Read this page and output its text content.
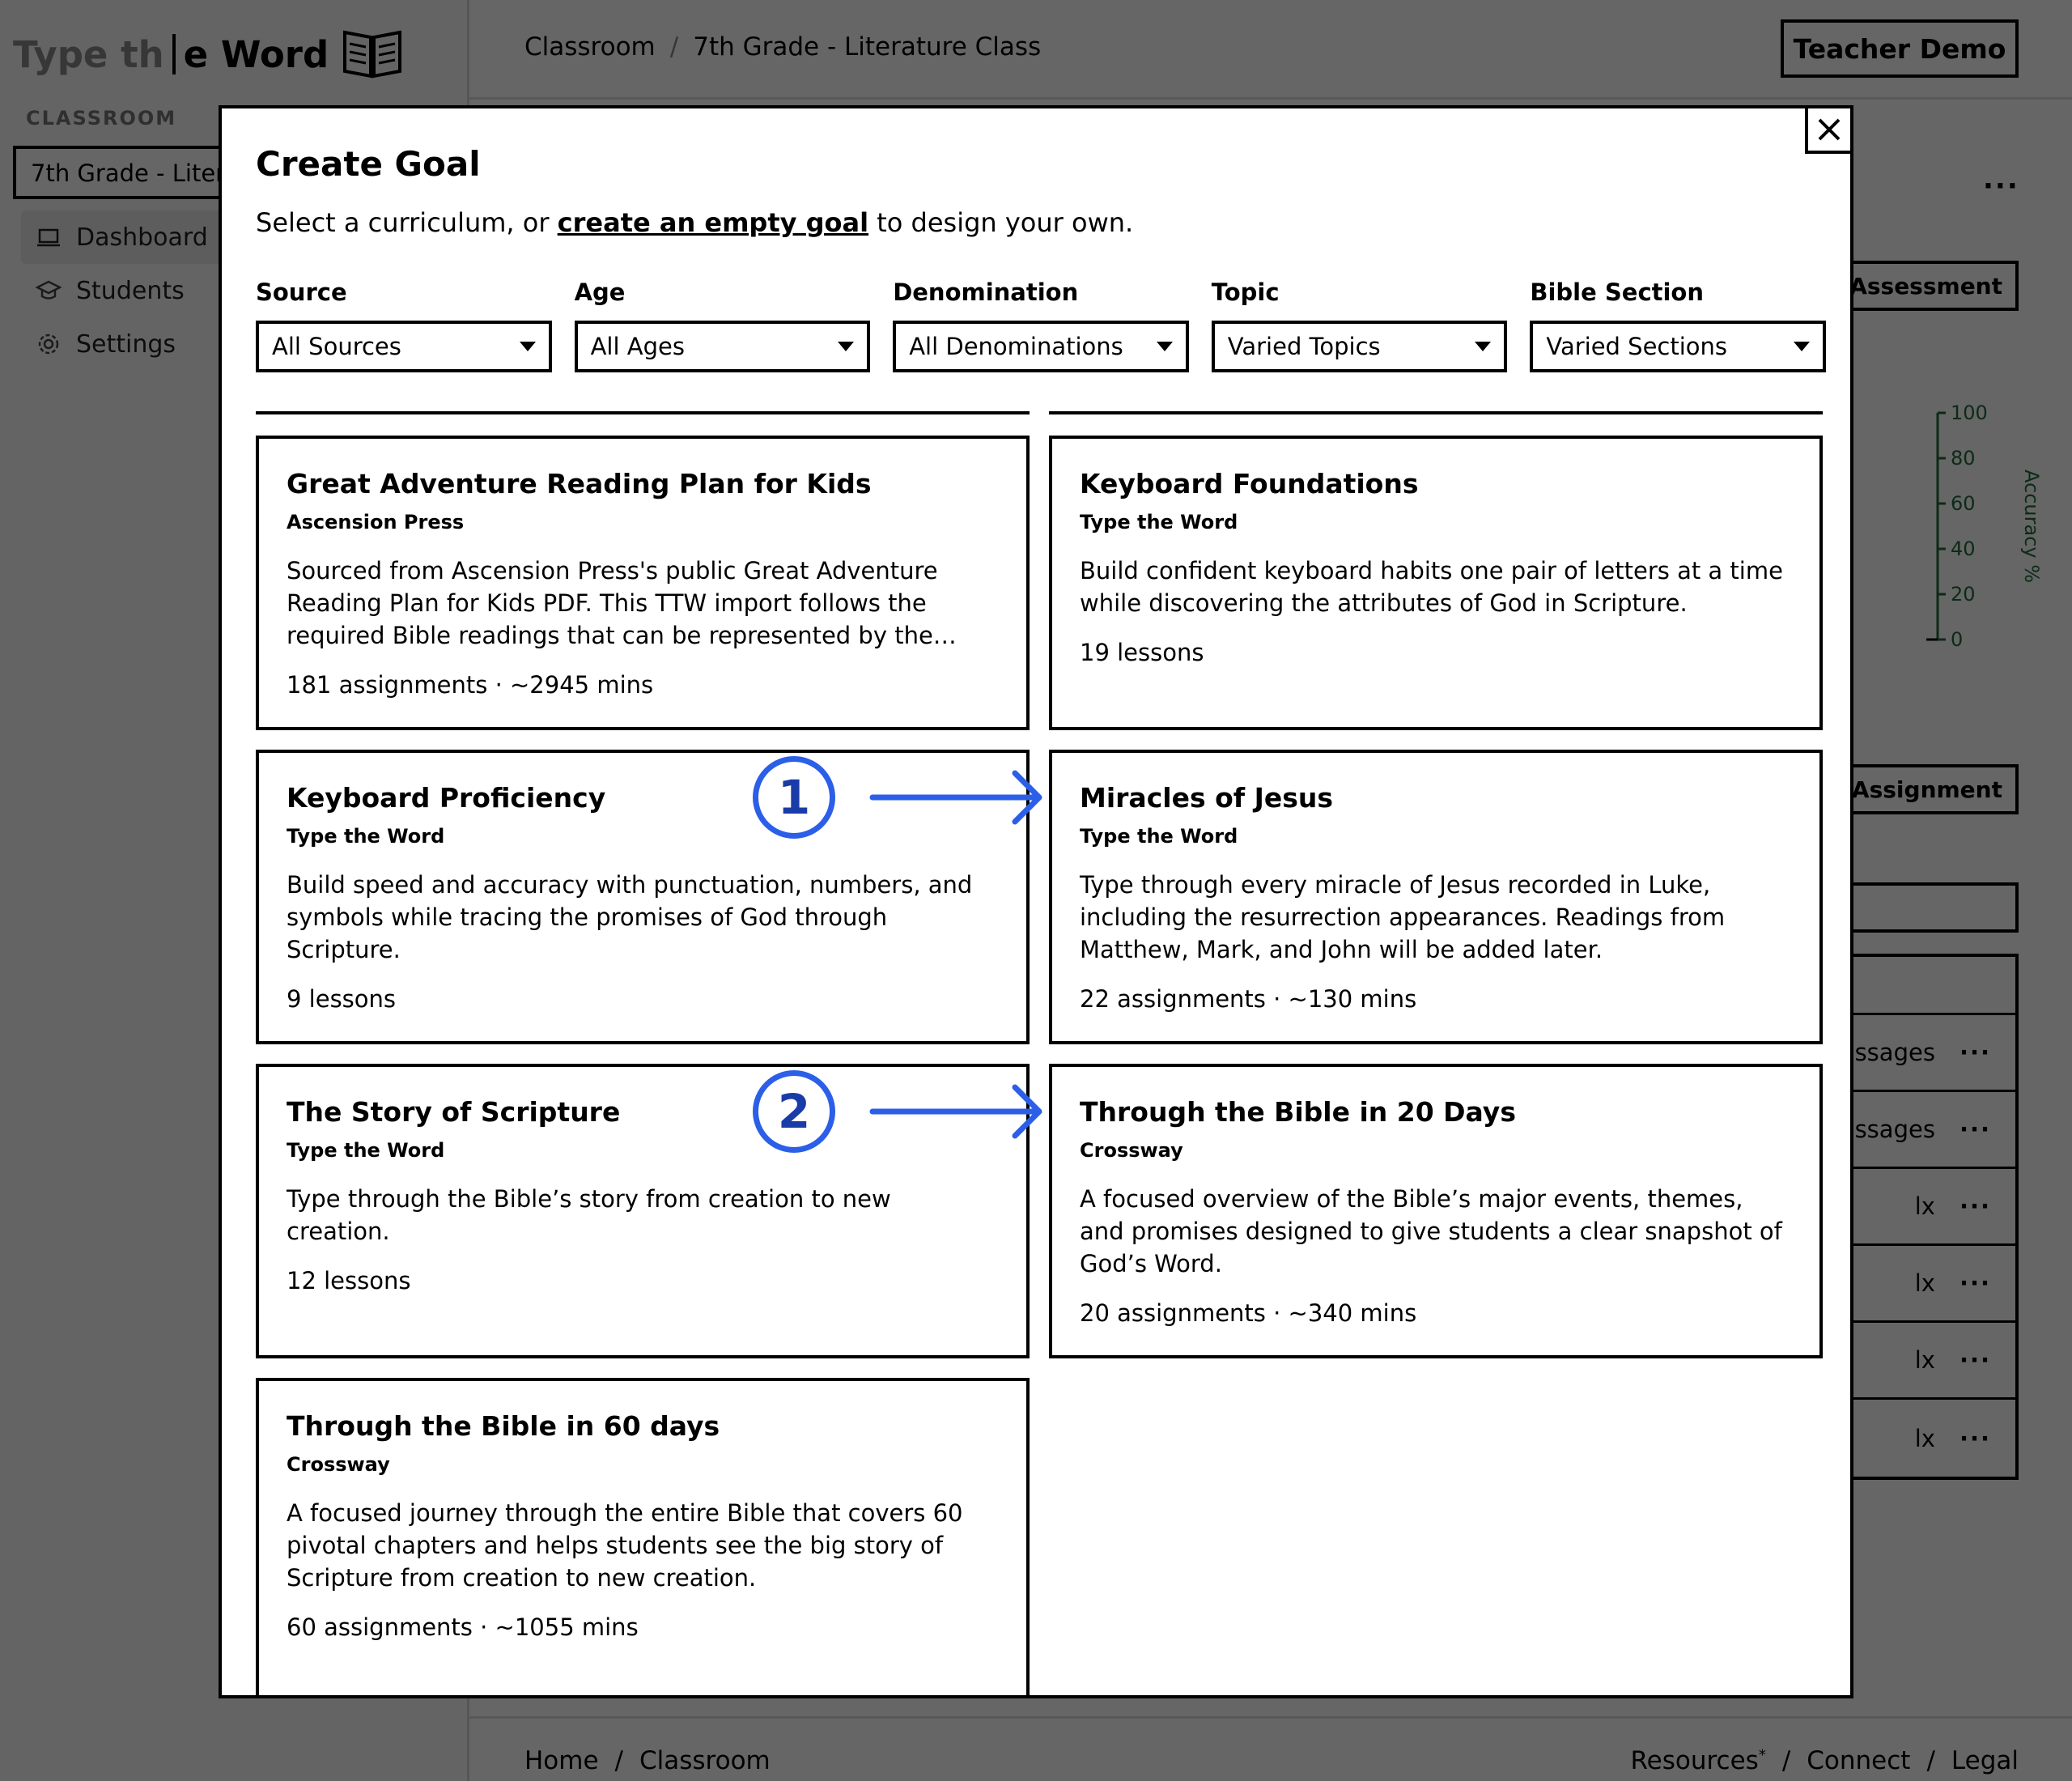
Create Goal
Select a curriculum, or create an empty goal to design your own.
Source
All Sources
Age
All Ages
Denomination
All Denominations
Topic
Varied Topics
Bible Section
Varied Sections
Great Adventure Reading Plan for Kids
Ascension Press
Sourced from Ascension Press's public Great Adventure Reading Plan for Kids PDF. This TTW import follows the required Bible readings that can be represented by the
181 assignments · ~2945 mins
Keyboard Foundations
Type the Word
Build confident keyboard habits one pair of letters at a time while discovering the attributes of God in Scripture.
19 lessons
Keyboard Proficiency
Type the Word
Build speed and accuracy with punctuation, numbers, and symbols while tracing the promises of God through Scripture.
9 lessons
Miracles of Jesus
Type the Word
Type through every miracle of Jesus recorded in Luke, including the resurrection appearances. Readings from Matthew, Mark, and John will be added later.
22 assignments · ~130 mins
The Story of Scripture
Type the Word
Type through the Bible’s story from creation to new creation.
12 lessons
Through the Bible in 20 Days
Crossway
A focused overview of the Bible’s major events, themes, and promises designed to give students a clear snapshot of God’s Word.
20 assignments · ~340 mins
Through the Bible in 60 days
Crossway
A focused journey through the entire Bible that covers 60 pivotal chapters and helps students see the big story of Scripture from creation to new creation.
60 assignments · ~1055 mins
1
2
